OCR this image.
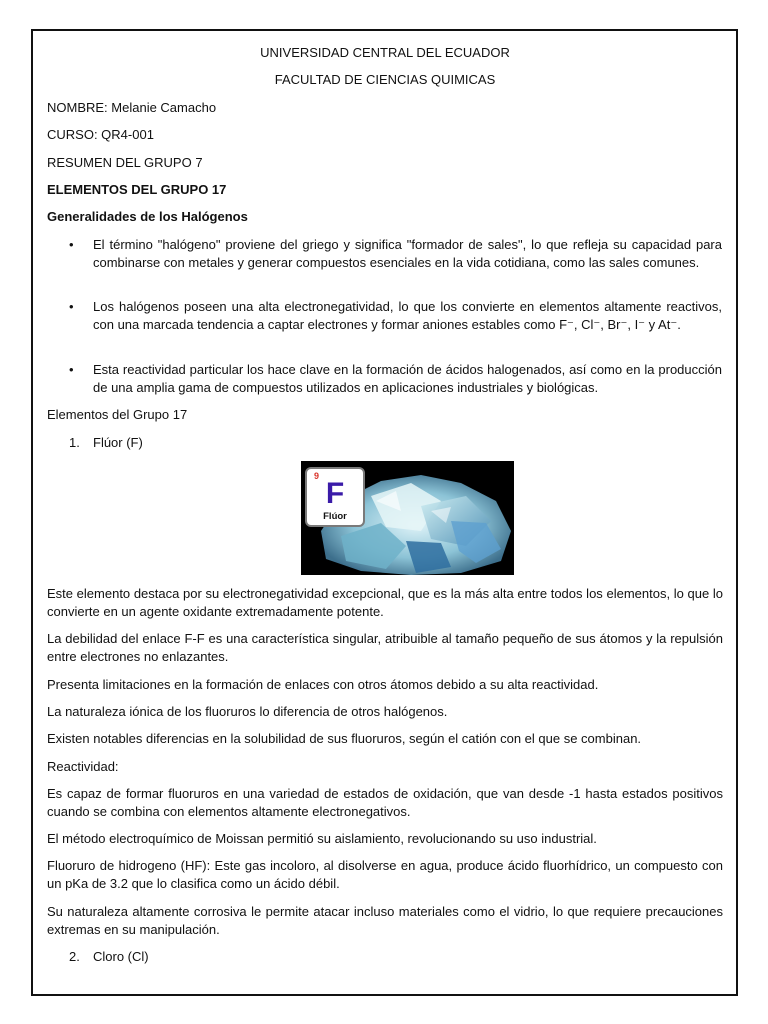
UNIVERSIDAD CENTRAL DEL ECUADOR
FACULTAD DE CIENCIAS QUIMICAS
NOMBRE: Melanie Camacho
CURSO: QR4-001
RESUMEN DEL GRUPO 7
ELEMENTOS DEL GRUPO 17
Generalidades de los Halógenos
• El término "halógeno" proviene del griego y significa "formador de sales", lo que refleja su capacidad para combinarse con metales y generar compuestos esenciales en la vida cotidiana, como las sales comunes.
• Los halógenos poseen una alta electronegatividad, lo que los convierte en elementos altamente reactivos, con una marcada tendencia a captar electrones y formar aniones estables como F⁻, Cl⁻, Br⁻, I⁻ y At⁻.
• Esta reactividad particular los hace clave en la formación de ácidos halogenados, así como en la producción de una amplia gama de compuestos utilizados en aplicaciones industriales y biológicas.
Elementos del Grupo 17
1. Flúor (F)
9
F
Flúor
Este elemento destaca por su electronegatividad excepcional, que es la más alta entre todos los elementos, lo que lo convierte en un agente oxidante extremadamente potente.
La debilidad del enlace F-F es una característica singular, atribuible al tamaño pequeño de sus átomos y la repulsión entre electrones no enlazantes.
Presenta limitaciones en la formación de enlaces con otros átomos debido a su alta reactividad.
La naturaleza iónica de los fluoruros lo diferencia de otros halógenos.
Existen notables diferencias en la solubilidad de sus fluoruros, según el catión con el que se combinan.
Reactividad:
Es capaz de formar fluoruros en una variedad de estados de oxidación, que van desde -1 hasta estados positivos cuando se combina con elementos altamente electronegativos.
El método electroquímico de Moissan permitió su aislamiento, revolucionando su uso industrial.
Fluoruro de hidrogeno (HF): Este gas incoloro, al disolverse en agua, produce ácido fluorhídrico, un compuesto con un pKa de 3.2 que lo clasifica como un ácido débil.
Su naturaleza altamente corrosiva le permite atacar incluso materiales como el vidrio, lo que requiere precauciones extremas en su manipulación.
2. Cloro (Cl)
